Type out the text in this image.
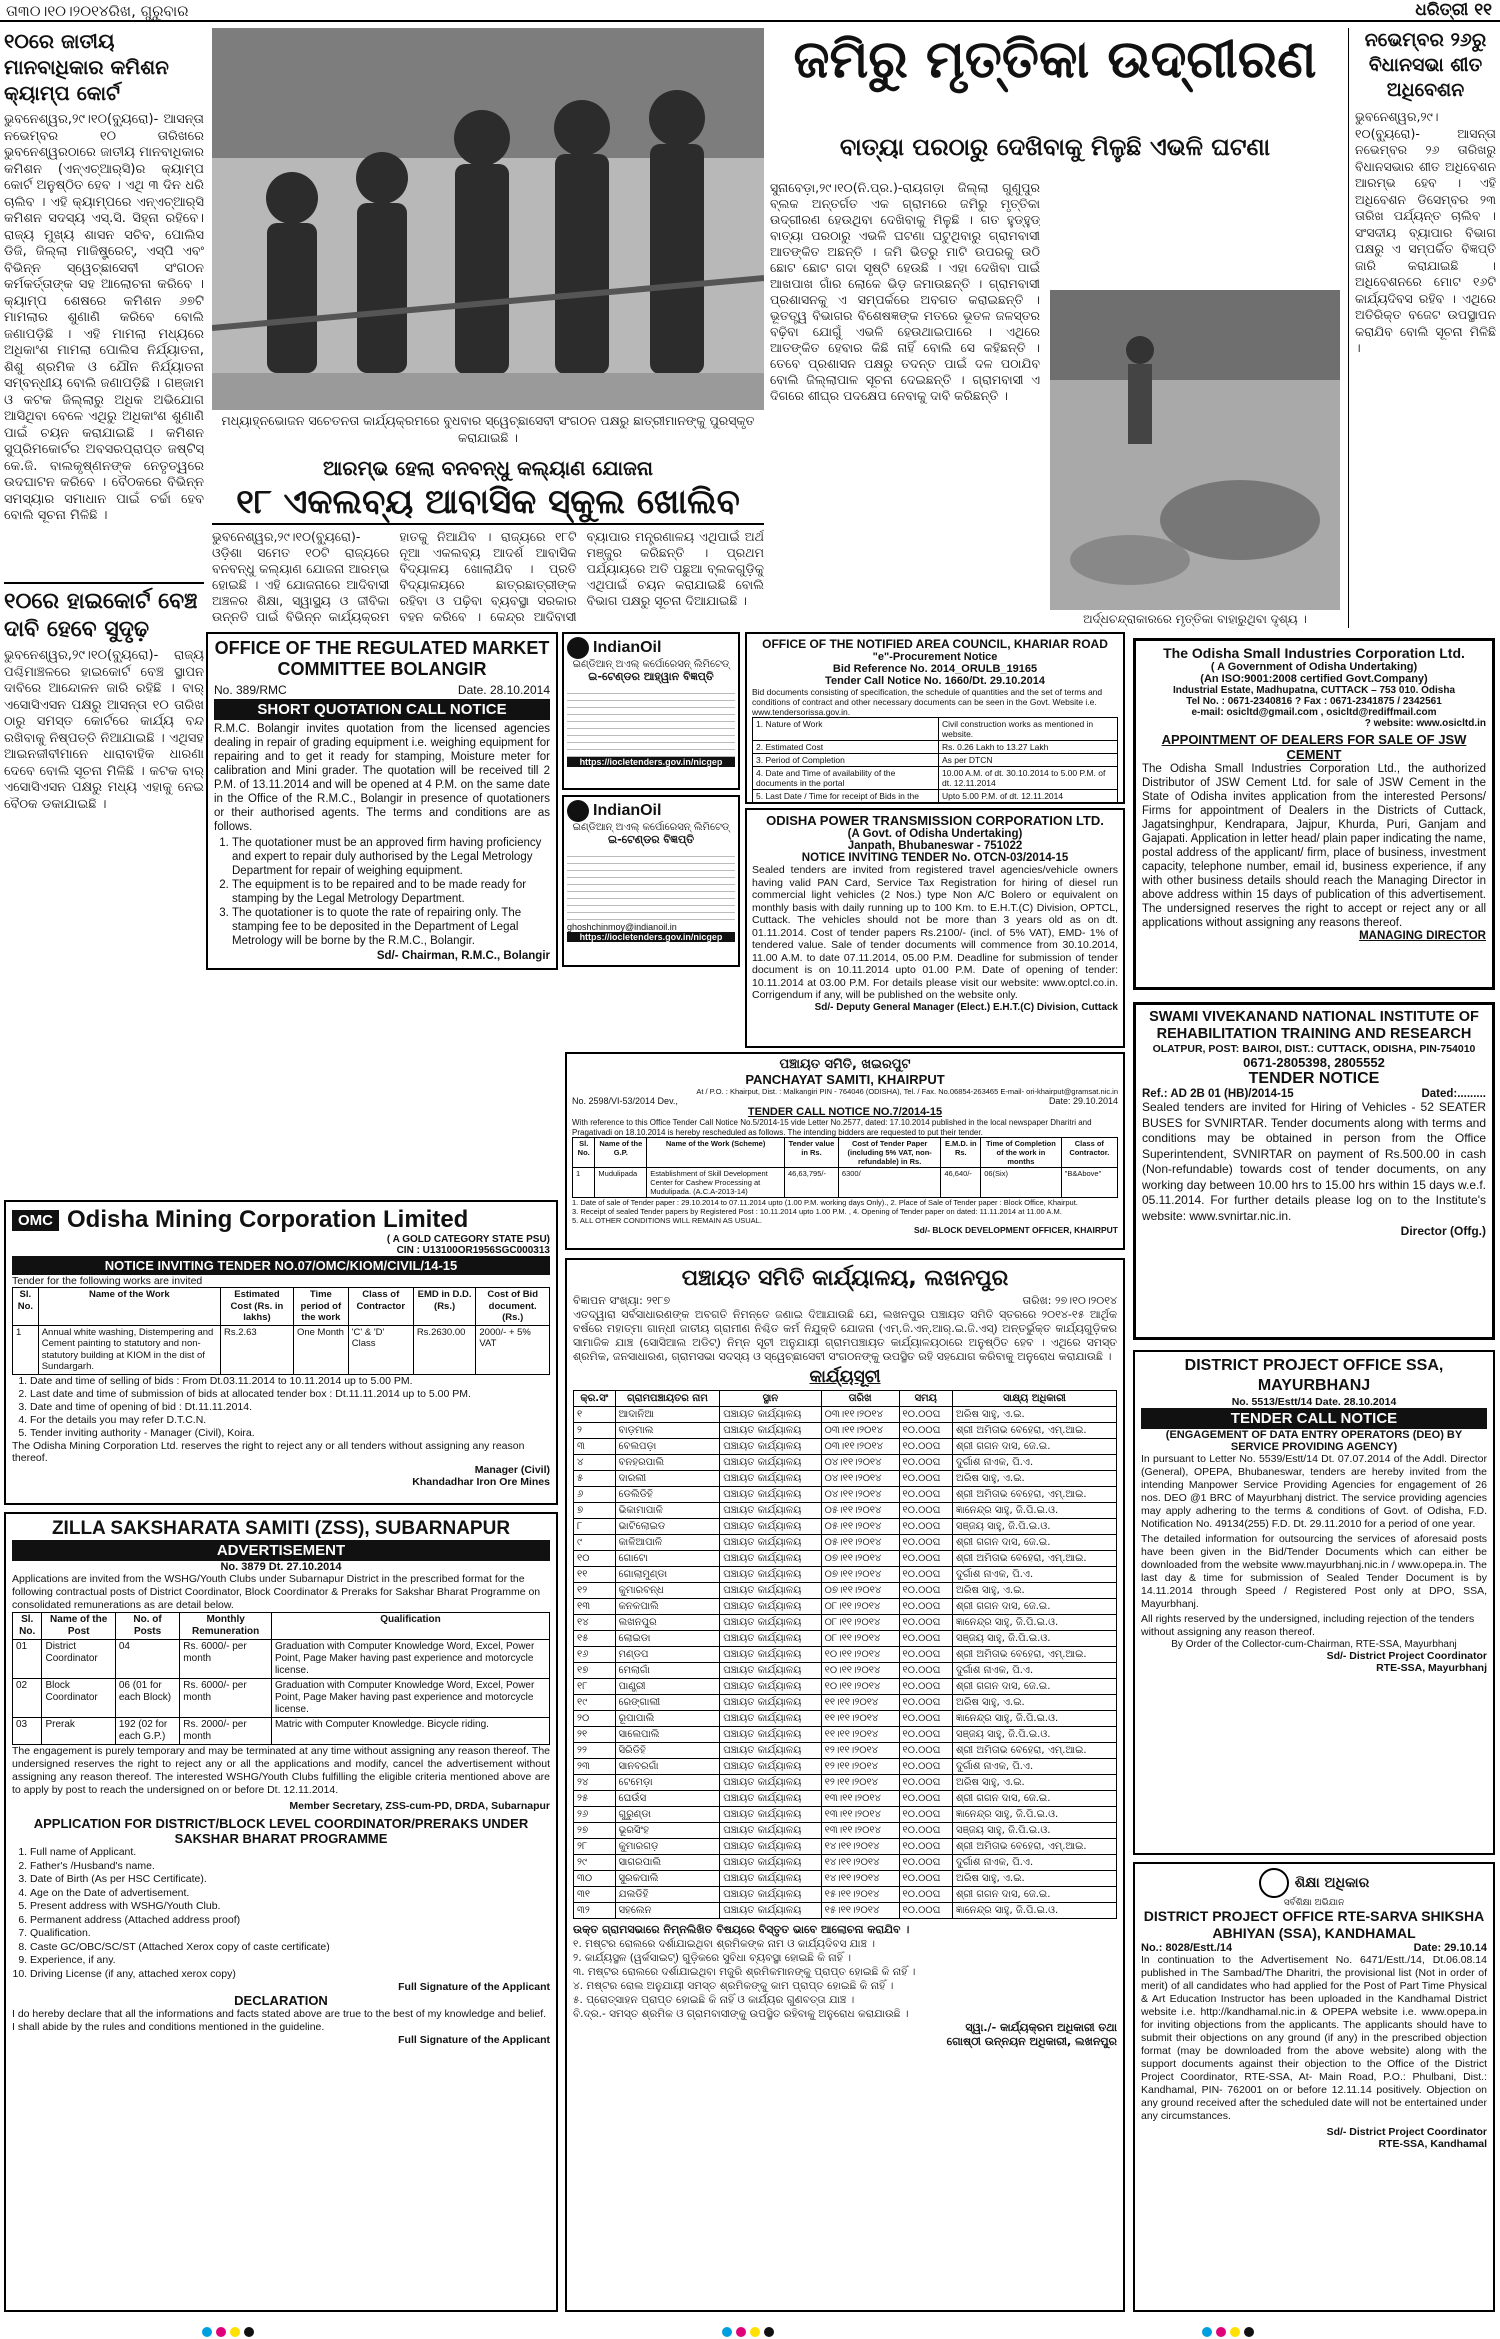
ତା୩୦।୧୦।୨୦୧୪ରିଖ, ଗୁରୁବାର	ଧରିତ୍ରୀ ୧୧
୧୦ରେ ଜାତୀୟ ମାନବାଧିକାର କମିଶନ କ୍ୟାମ୍ପ କୋର୍ଟ
ଭୁବନେଶ୍ୱର,୨୯।୧୦(ବ୍ୟୁରୋ)- ଆସନ୍ତା ନଭେମ୍ବର ୧୦ ତାରିଖରେ ଭୁବନେଶ୍ୱରଠାରେ ଜାତୀୟ ମାନବାଧିକାର କମିଶନ (ଏନ୍‌ଏଚ୍‌ଆର୍‌ସି)ର କ୍ୟାମ୍ପ କୋର୍ଟ ଅନୁଷ୍ଠିତ ହେବ । ଏଥି ୩ ଦିନ ଧରି ଚାଲିବ । ଏହି କ୍ୟାମ୍ପରେ ଏନ୍‌ଏଚ୍‌ଆର୍‌ସି କମିଶନ ସଦସ୍ୟ ଏସ୍‌.ସି. ସିହ୍ନା ରହିବେ। ରାଜ୍ୟ ମୁଖ୍ୟ ଶାସନ ସଚିବ, ପୋଲିସ ଡିଜି, ଜିଲ୍ଲା ମାଜିଷ୍ଟ୍ରେଟ୍, ଏସ୍‌ପି ଏବଂ ବିଭିନ୍ନ ସ୍ୱେଚ୍ଛାସେବୀ ସଂଗଠନ କର୍ମକର୍ତ୍ତାଙ୍କ ସହ ଆଲୋଚନା କରିବେ । କ୍ୟାମ୍ପ ଶେଷରେ କମିଶନ ୬୭ଟି ମାମଲାର ଶୁଣାଣି କରିବେ ବୋଲି ଜଣାପଡ଼ିଛି । ଏହି ମାମଲା ମଧ୍ୟରେ ଅଧିକାଂଶ ମାମଲା ପୋଲିସ ନିର୍ଯ୍ୟାତନା, ଶିଶୁ ଶ୍ରମିକ ଓ ଯୌନ ନିର୍ଯ୍ୟାତନା ସମ୍ବନ୍ଧୀୟ ବୋଲି ଜଣାପଡ଼ିଛି । ଗଞ୍ଜାମ ଓ କଟକ ଜିଲ୍ଲାରୁ ଅଧିକ ଅଭିଯୋଗ ଆସିଥିବା ବେଳେ ଏଥିରୁ ଅଧିକାଂଶ ଶୁଣାଣି ପାଇଁ ଚୟନ କରାଯାଇଛି । କମିଶନ ସୁପ୍ରିମକୋର୍ଟର ଅବସରପ୍ରାପ୍ତ ଜଷ୍ଟିସ୍ କେ.ଜି. ବାଲକୃଷ୍ଣନଙ୍କ ନେତୃତ୍ୱରେ ଉଦଘାଟନ କରିବେ । ବୈଠକରେ ବିଭିନ୍ନ ସମସ୍ୟାର ସମାଧାନ ପାଇଁ ଚର୍ଚ୍ଚା ହେବ ବୋଲି ସୂଚନା ମିଳିଛି ।
୧୦ରେ ହାଇକୋର୍ଟ ବେଞ୍ଚ ଦାବି ହେବେ ସୁଦୃଢ଼
ଭୁବନେଶ୍ୱର,୨୯।୧୦(ବ୍ୟୁରୋ)- ରାଜ୍ୟ ପଶ୍ଚିମାଞ୍ଚଳରେ ହାଇକୋର୍ଟ ବେଞ୍ଚ ସ୍ଥାପନ ଦାବିରେ ଆନ୍ଦୋଳନ ଜାରି ରହିଛି । ବାର୍ ଏସୋସିଏସନ ପକ୍ଷରୁ ଆସନ୍ତା ୧୦ ତାରିଖ ଠାରୁ ସମସ୍ତ କୋର୍ଟରେ କାର୍ଯ୍ୟ ବନ୍ଦ ରଖିବାକୁ ନିଷ୍ପତ୍ତି ନିଆଯାଇଛି । ଏଥିସହ ଆଇନଜୀବୀମାନେ ଧାରାବାହିକ ଧାରଣା ଦେବେ ବୋଲି ସୂଚନା ମିଳିଛି । କଟକ ବାର୍ ଏସୋସିଏସନ ପକ୍ଷରୁ ମଧ୍ୟ ଏହାକୁ ନେଇ ବୈଠକ ଡକାଯାଇଛି ।
ମଧ୍ୟାହ୍ନଭୋଜନ ସଚେତନତା କାର୍ଯ୍ୟକ୍ରମରେ ବୁଧବାର ସ୍ୱେଚ୍ଛାସେବୀ ସଂଗଠନ ପକ୍ଷରୁ ଛାତ୍ରୀମାନଙ୍କୁ ପୁରସ୍କୃତ କରାଯାଇଛି ।
ଆରମ୍ଭ ହେଲା ବନବନ୍ଧୁ କଲ୍ୟାଣ ଯୋଜନା
୧୮ ଏକଲବ୍ୟ ଆବାସିକ ସ୍କୁଲ ଖୋଲିବ
ଭୁବନେଶ୍ୱର,୨୯।୧୦(ବ୍ୟୁରୋ)-ଓଡ଼ିଶା ସମେତ ୧୦ଟି ରାଜ୍ୟରେ ବନବନ୍ଧୁ କଲ୍ୟାଣ ଯୋଜନା ଆରମ୍ଭ ହୋଇଛି । ଏହି ଯୋଜନାରେ ଆଦିବାସୀ ଅଞ୍ଚଳର ଶିକ୍ଷା, ସ୍ୱାସ୍ଥ୍ୟ ଓ ଜୀବିକା ଉନ୍ନତି ପାଇଁ ବିଭିନ୍ନ କାର୍ଯ୍ୟକ୍ରମ ହାତକୁ ନିଆଯିବ । ରାଜ୍ୟରେ ୧୮ଟି ନୂଆ ଏକଲବ୍ୟ ଆଦର୍ଶ ଆବାସିକ ବିଦ୍ୟାଳୟ ଖୋଲାଯିବ । ପ୍ରତି ବିଦ୍ୟାଳୟରେ ଛାତ୍ରଛାତ୍ରୀଙ୍କ ରହିବା ଓ ପଢ଼ିବା ବ୍ୟବସ୍ଥା ସରକାର ବହନ କରିବେ । କେନ୍ଦ୍ର ଆଦିବାସୀ ବ୍ୟାପାର ମନ୍ତ୍ରଣାଳୟ ଏଥିପାଇଁ ଅର୍ଥ ମଞ୍ଜୁର କରିଛନ୍ତି । ପ୍ରଥମ ପର୍ଯ୍ୟାୟରେ ଅତି ପଛୁଆ ବ୍ଲକଗୁଡ଼ିକୁ ଏଥିପାଇଁ ଚୟନ କରାଯାଇଛି ବୋଲି ବିଭାଗ ପକ୍ଷରୁ ସୂଚନା ଦିଆଯାଇଛି ।
ଜମିରୁ ମୃତ୍ତିକା ଉଦ୍‌ଗୀରଣ
ବାତ୍ୟା ପରଠାରୁ ଦେଖିବାକୁ ମିଳୁଛି ଏଭଳି ଘଟଣା
ସୁନାବେଡ଼ା,୨୯।୧୦(ନି.ପ୍ର.)-ରାୟଗଡ଼ା ଜିଲ୍ଲା ଗୁଣୁପୁର ବ୍ଲକ ଅନ୍ତର୍ଗତ ଏକ ଗ୍ରାମରେ ଜମିରୁ ମୃତ୍ତିକା ଉଦ୍‌ଗୀରଣ ହେଉଥିବା ଦେଖିବାକୁ ମିଳୁଛି । ଗତ ହୁଡ୍‌ହୁଡ୍ ବାତ୍ୟା ପରଠାରୁ ଏଭଳି ଘଟଣା ଘଟୁଥିବାରୁ ଗ୍ରାମବାସୀ ଆତଙ୍କିତ ଅଛନ୍ତି । ଜମି ଭିତରୁ ମାଟି ଉପରକୁ ଉଠି ଛୋଟ ଛୋଟ ଗଦା ସୃଷ୍ଟି ହେଉଛି । ଏହା ଦେଖିବା ପାଇଁ ଆଖପାଖ ଗାଁର ଲୋକେ ଭିଡ଼ ଜମାଉଛନ୍ତି । ଗ୍ରାମବାସୀ ପ୍ରଶାସନକୁ ଏ ସମ୍ପର୍କରେ ଅବଗତ କରାଇଛନ୍ତି । ଭୂତତ୍ତ୍ୱ ବିଭାଗର ବିଶେଷଜ୍ଞଙ୍କ ମତରେ ଭୂତଳ ଜଳସ୍ତର ବଢ଼ିବା ଯୋଗୁଁ ଏଭଳି ହେଉଥାଇପାରେ । ଏଥିରେ ଆତଙ୍କିତ ହେବାର କିଛି ନାହିଁ ବୋଲି ସେ କହିଛନ୍ତି । ତେବେ ପ୍ରଶାସନ ପକ୍ଷରୁ ତଦନ୍ତ ପାଇଁ ଦଳ ପଠାଯିବ ବୋଲି ଜିଲ୍ଲାପାଳ ସୂଚନା ଦେଇଛନ୍ତି । ଗ୍ରାମବାସୀ ଏ ଦିଗରେ ଶୀଘ୍ର ପଦକ୍ଷେପ ନେବାକୁ ଦାବି କରିଛନ୍ତି ।
ଅର୍ଦ୍ଧଚନ୍ଦ୍ରାକାରରେ ମୃତ୍ତିକା ବାହାରୁଥିବା ଦୃଶ୍ୟ ।
ନଭେମ୍ବର ୨୬ରୁ ବିଧାନସଭା ଶୀତ ଅଧିବେଶନ
ଭୁବନେଶ୍ୱର,୨୯।୧୦(ବ୍ୟୁରୋ)- ଆସନ୍ତା ନଭେମ୍ବର ୨୬ ତାରିଖରୁ ବିଧାନସଭାର ଶୀତ ଅଧିବେଶନ ଆରମ୍ଭ ହେବ । ଏହି ଅଧିବେଶନ ଡିସେମ୍ବର ୨୩ ତାରିଖ ପର୍ଯ୍ୟନ୍ତ ଚାଲିବ । ସଂସଦୀୟ ବ୍ୟାପାର ବିଭାଗ ପକ୍ଷରୁ ଏ ସମ୍ପର୍କିତ ବିଜ୍ଞପ୍ତି ଜାରି କରାଯାଇଛି । ଅଧିବେଶନରେ ମୋଟ ୧୬ଟି କାର୍ଯ୍ୟଦିବସ ରହିବ । ଏଥିରେ ଅତିରିକ୍ତ ବଜେଟ ଉପସ୍ଥାପନ କରାଯିବ ବୋଲି ସୂଚନା ମିଳିଛି ।
OFFICE OF THE REGULATED MARKET COMMITTEE BOLANGIR
No. 389/RMC	Date. 28.10.2014
SHORT QUOTATION CALL NOTICE
R.M.C. Bolangir invites quotation from the licensed agencies dealing in repair of grading equipment i.e. weighing equipment for repairing and to get it ready for stamping, Moisture meter for calibration and Mini grader. The quotation will be received till 2 P.M. of 13.11.2014 and will be opened at 4 P.M. on the same date in the Office of the R.M.C., Bolangir in presence of quotationers or their authorised agents. The terms and conditions are as follows.
1. The quotationer must be an approved firm having proficiency and expert to repair duly authorised by the Legal Metrology Department for repair of weighing equipment.
2. The equipment is to be repaired and to be made ready for stamping by the Legal Metrology Department.
3. The quotationer is to quote the rate of repairing only. The stamping fee to be deposited in the Department of Legal Metrology will be borne by the R.M.C., Bolangir.
Sd/- Chairman, R.M.C., Bolangir
IndianOil
ଇଣ୍ଡିଆନ୍ ଅଏଲ୍ କର୍ପୋରେସନ୍ ଲିମିଟେଡ୍
ଇ-ଟେଣ୍ଡର ଆହ୍ୱାନ ବିଜ୍ଞପ୍ତି
https://iocletenders.gov.in/nicgep
IndianOil
ଇଣ୍ଡିଆନ୍ ଅଏଲ୍ କର୍ପୋରେସନ୍ ଲିମିଟେଡ୍
ଇ-ଟେଣ୍ଡର ବିଜ୍ଞପ୍ତି
ghoshchinmoy@indianoil.in
https://iocletenders.gov.in/nicgep
OFFICE OF THE NOTIFIED AREA COUNCIL, KHARIAR ROAD
"e"-Procurement Notice
Bid Reference No. 2014_ORULB_19165
Tender Call Notice No. 1660/Dt. 29.10.2014
Bid documents consisting of specification, the schedule of quantities and the set of terms and conditions of contract and other necessary documents can be seen in the Govt. Website i.e. www.tendersorissa.gov.in.
1. Nature of Work	Civil construction works as mentioned in website.
2. Estimated Cost	Rs. 0.26 Lakh to 13.27 Lakh
3. Period of Completion	As per DTCN
4. Date and Time of availability of the documents in the portal	10.00 A.M. of dt. 30.10.2014 to 5.00 P.M. of dt. 12.11.2014
5. Last Date / Time for receipt of Bids in the	Upto 5.00 P.M. of dt. 12.11.2014

ODISHA POWER TRANSMISSION CORPORATION LTD.
(A Govt. of Odisha Undertaking)
Janpath, Bhubaneswar - 751022
NOTICE INVITING TENDER No. OTCN-03/2014-15
Sealed tenders are invited from registered travel agencies/vehicle owners having valid PAN Card, Service Tax Registration for hiring of diesel run commercial light vehicles (2 Nos.) type Non A/C Bolero or equivalent on monthly basis with daily running up to 100 Km. to E.H.T.(C) Division, OPTCL, Cuttack. The vehicles should not be more than 3 years old as on dt. 01.11.2014. Cost of tender papers Rs.2100/- (incl. of 5% VAT), EMD- 1% of tendered value. Sale of tender documents will commence from 30.10.2014, 11.00 A.M. to date 07.11.2014, 05.00 P.M. Deadline for submission of tender document is on 10.11.2014 upto 01.00 P.M. Date of opening of tender: 10.11.2014 at 03.00 P.M. For details please visit our website: www.optcl.co.in. Corrigendum if any, will be published on the website only.
Sd/- Deputy General Manager (Elect.) E.H.T.(C) Division, Cuttack
The Odisha Small Industries Corporation Ltd.
( A Government of Odisha Undertaking)
(An ISO:9001:2008 certified Govt.Company)
Industrial Estate, Madhupatna, CUTTACK – 753 010. Odisha
Tel No. : 0671-2340816 ? Fax : 0671-2341875 / 2342561
e-mail: osicltd@gmail.com , osicltd@rediffmail.com
? website: www.osicltd.in
APPOINTMENT OF DEALERS FOR SALE OF JSW CEMENT
The Odisha Small Industries Corporation Ltd., the authorized Distributor of JSW Cement Ltd. for sale of JSW Cement in the State of Odisha invites application from the interested Persons/ Firms for appointment of Dealers in the Districts of Cuttack, Jagatsinghpur, Kendrapara, Jajpur, Khurda, Puri, Ganjam and Gajapati. Application in letter head/ plain paper indicating the name, postal address of the applicant/ firm, place of business, investment capacity, telephone number, email id, business experience, if any with other business details should reach the Managing Director in above address within 15 days of publication of this advertisement. The undersigned reserves the right to accept or reject any or all applications without assigning any reasons thereof.
MANAGING DIRECTOR
OMC Odisha Mining Corporation Limited
( A GOLD CATEGORY STATE PSU)
CIN : U13100OR1956SGC000313
NOTICE INVITING TENDER NO.07/OMC/KIOM/CIVIL/14-15
Tender for the following works are invited
Sl. No.	Name of the Work	Estimated Cost (Rs. in lakhs)	Time period of the work	Class of Contractor	EMD in D.D. (Rs.)	Cost of Bid document. (Rs.)
1	Annual white washing, Distempering and Cement painting to statutory and non-statutory building at KIOM in the dist of Sundargarh.	Rs.2.63	One Month	'C' & 'D' Class	Rs.2630.00	2000/- + 5% VAT
1. Date and time of selling of bids : From Dt.03.11.2014 to 10.11.2014 up to 5.00 PM.
2. Last date and time of submission of bids at allocated tender box : Dt.11.11.2014 up to 5.00 PM.
3. Date and time of opening of bid : Dt.11.11.2014.
4. For the details you may refer D.T.C.N.
5. Tender inviting authority - Manager (Civil), Koira.
The Odisha Mining Corporation Ltd. reserves the right to reject any or all tenders without assigning any reason thereof.
Manager (Civil)
Khandadhar Iron Ore Mines
ZILLA SAKSHARATA SAMITI (ZSS), SUBARNAPUR
ADVERTISEMENT
No. 3879 Dt. 27.10.2014
Applications are invited from the WSHG/Youth Clubs under Subarnapur District in the prescribed format for the following contractual posts of District Coordinator, Block Coordinator & Preraks for Sakshar Bharat Programme on consolidated remunerations as are detail below.
Sl. No.	Name of the Post	No. of Posts	Monthly Remuneration	Qualification
01	District Coordinator	04	Rs. 6000/- per month	Graduation with Computer Knowledge Word, Excel, Power Point, Page Maker having past experience and motorcycle license.
02	Block Coordinator	06 (01 for each Block)	Rs. 6000/- per month	Graduation with Computer Knowledge Word, Excel, Power Point, Page Maker having past experience and motorcycle license.
03	Prerak	192 (02 for each G.P.)	Rs. 2000/- per month	Matric with Computer Knowledge. Bicycle riding.
The engagement is purely temporary and may be terminated at any time without assigning any reason thereof. The undersigned reserves the right to reject any or all the applications and modify, cancel the advertisement without assigning any reason thereof. The interested WSHG/Youth Clubs fulfilling the eligible criteria mentioned above are to apply by post to reach the undersigned on or before Dt. 12.11.2014.
Member Secretary, ZSS-cum-PD, DRDA, Subarnapur
APPLICATION FOR DISTRICT/BLOCK LEVEL COORDINATOR/PRERAKS UNDER SAKSHAR BHARAT PROGRAMME
1. Full name of Applicant.
2. Father's /Husband's name.
3. Date of Birth (As per HSC Certificate).
4. Age on the Date of advertisement.
5. Present address with WSHG/Youth Club.
6. Permanent address (Attached address proof)
7. Qualification.
8. Caste GC/OBC/SC/ST (Attached Xerox copy of caste certificate)
9. Experience, if any.
10. Driving License (if any, attached xerox copy)
Full Signature of the Applicant
DECLARATION
I do hereby declare that all the informations and facts stated above are true to the best of my knowledge and belief. I shall abide by the rules and conditions mentioned in the guideline.
Full Signature of the Applicant
ପଞ୍ଚାୟତ ସମିତି, ଖଇରପୁଟ
PANCHAYAT SAMITI, KHAIRPUT
At / P.O. : Khairput, Dist. : Malkangiri PIN - 764046 (ODISHA), Tel. / Fax. No.06854-263465 E-mail- ori-khairput@gramsat.nic.in
No. 2598/VI-53/2014 Dev.,	Date: 29.10.2014
TENDER CALL NOTICE NO.7/2014-15
With reference to this Office Tender Call Notice No.5/2014-15 vide Letter No.2577, dated: 17.10.2014 published in the local newspaper Dharitri and Pragativadi on 18.10.2014 is hereby rescheduled as follows. The intending bidders are requested to put their tender.
Sl. No.	Name of the G.P.	Name of the Work (Scheme)	Tender value in Rs.	Cost of Tender Paper (including 5% VAT, non-refundable) in Rs.	E.M.D. in Rs.	Time of Completion of the work in months	Class of Contractor.
1	Mudulipada	Establishment of Skill Development Center for Cashew Processing at Mudulipada. (A.C.A-2013-14)	46,63,795/-	6300/	46,640/-	06(Six)	"B&Above"
1. Date of sale of Tender paper : 29.10.2014 to 07.11.2014 upto (1.00 P.M. working days Only)., 2. Place of Sale of Tender paper : Block Office, Khairput.
3. Receipt of sealed Tender papers by Registered Post : 10.11.2014 upto 1.00 P.M. , 4. Opening of Tender paper on dated: 11.11.2014 at 11.00 A.M.
5. ALL OTHER CONDITIONS WILL REMAIN AS USUAL.
Sd/- BLOCK DEVELOPMENT OFFICER, KHAIRPUT
ପଞ୍ଚାୟତ ସମିତି କାର୍ଯ୍ୟାଳୟ, ଲଖନପୁର
ବିଜ୍ଞାପନ ସଂଖ୍ୟା: ୨୧୮୭	ତାରିଖ: ୨୭।୧୦।୨୦୧୪
ଏତଦ୍ୱାରା ସର୍ବସାଧାରଣଙ୍କ ଅବଗତି ନିମନ୍ତେ ଜଣାଇ ଦିଆଯାଉଛି ଯେ, ଲଖନପୁର ପଞ୍ଚାୟତ ସମିତି ସ୍ତରରେ ୨୦୧୪-୧୫ ଆର୍ଥିକ ବର୍ଷରେ ମହାତ୍ମା ଗାନ୍ଧୀ ଜାତୀୟ ଗ୍ରାମୀଣ ନିଶ୍ଚିତ କର୍ମ ନିଯୁକ୍ତି ଯୋଜନା (ଏମ୍‌.ଜି.ଏନ୍‌.ଆର୍‌.ଇ.ଜି.ଏସ୍) ଅନ୍ତର୍ଭୁକ୍ତ କାର୍ଯ୍ୟଗୁଡ଼ିକର ସାମାଜିକ ଯାଞ୍ଚ (ସୋସିଆଲ ଅଡିଟ୍) ନିମ୍ନ ସୂଚୀ ଅନୁଯାୟୀ ଗ୍ରାମପଞ୍ଚାୟତ କାର୍ଯ୍ୟାଳୟଠାରେ ଅନୁଷ୍ଠିତ ହେବ । ଏଥିରେ ସମସ୍ତ ଶ୍ରମିକ, ଜନସାଧାରଣ, ଗ୍ରାମସଭା ସଦସ୍ୟ ଓ ସ୍ୱେଚ୍ଛାସେବୀ ସଂଗଠନଙ୍କୁ ଉପସ୍ଥିତ ରହି ସହଯୋଗ କରିବାକୁ ଅନୁରୋଧ କରାଯାଉଛି ।
କାର୍ଯ୍ୟସୂଚୀ
କ୍ର.ସଂ	ଗ୍ରାମପଞ୍ଚାୟତର ନାମ	ସ୍ଥାନ	ତାରିଖ	ସମୟ	ସାକ୍ଷ୍ୟ ଅଧିକାରୀ
୧	ଆଦାନିଆ	ପଞ୍ଚାୟତ କାର୍ଯ୍ୟାଳୟ	୦୩।୧୧।୨୦୧୪	୧୦.୦୦ଘ	ଅରିଷ ସାହୁ, ଏ.ଇ.
୨	ବାଡ଼ମାଲ	ପଞ୍ଚାୟତ କାର୍ଯ୍ୟାଳୟ	୦୩।୧୧।୨୦୧୪	୧୦.୦୦ଘ	ଶ୍ରୀ ଅମିତାଭ ବେହେରା, ଏମ୍‌.ଆଇ.
୩	ବେଲପଡ଼ା	ପଞ୍ଚାୟତ କାର୍ଯ୍ୟାଳୟ	୦୩।୧୧।୨୦୧୪	୧୦.୦୦ଘ	ଶ୍ରୀ ଗଗନ ଦାସ, ଜେ.ଇ.
୪	ବନହରପାଲି	ପଞ୍ଚାୟତ କାର୍ଯ୍ୟାଳୟ	୦୪।୧୧।୨୦୧୪	୧୦.୦୦ଘ	ଦୁର୍ଗାଶ ନାଏକ, ପି.ଏ.
୫	ଦାରଲୀ	ପଞ୍ଚାୟତ କାର୍ଯ୍ୟାଳୟ	୦୪।୧୧।୨୦୧୪	୧୦.୦୦ଘ	ଅରିଷ ସାହୁ, ଏ.ଇ.
୬	ଡେଲିଡିହି	ପଞ୍ଚାୟତ କାର୍ଯ୍ୟାଳୟ	୦୪।୧୧।୨୦୧୪	୧୦.୦୦ଘ	ଶ୍ରୀ ଅମିତାଭ ବେହେରା, ଏମ୍‌.ଆଇ.
୭	ଭିକାମାପାଳି	ପଞ୍ଚାୟତ କାର୍ଯ୍ୟାଳୟ	୦୫।୧୧।୨୦୧୪	୧୦.୦୦ଘ	ଜ୍ଞାନେନ୍ଦ୍ର ସାହୁ, ଜି.ପି.ଇ.ଓ.
୮	ଭାଟିଲୋଇଡ	ପଞ୍ଚାୟତ କାର୍ଯ୍ୟାଳୟ	୦୫।୧୧।୨୦୧୪	୧୦.୦୦ଘ	ସଞ୍ଜୟ ସାହୁ, ଜି.ପି.ଇ.ଓ.
୯	କାଳିଆପାଳି	ପଞ୍ଚାୟତ କାର୍ଯ୍ୟାଳୟ	୦୫।୧୧।୨୦୧୪	୧୦.୦୦ଘ	ଶ୍ରୀ ଗଗନ ଦାସ, ଜେ.ଇ.
୧୦	ଗୋଟୋ	ପଞ୍ଚାୟତ କାର୍ଯ୍ୟାଳୟ	୦୭।୧୧।୨୦୧୪	୧୦.୦୦ଘ	ଶ୍ରୀ ଅମିତାଭ ବେହେରା, ଏମ୍‌.ଆଇ.
୧୧	ଗୋଲାମୁଣ୍ଡା	ପଞ୍ଚାୟତ କାର୍ଯ୍ୟାଳୟ	୦୭।୧୧।୨୦୧୪	୧୦.୦୦ଘ	ଦୁର୍ଗାଶ ନାଏକ, ପି.ଏ.
୧୨	କୁମାରବନ୍ଧ	ପଞ୍ଚାୟତ କାର୍ଯ୍ୟାଳୟ	୦୭।୧୧।୨୦୧୪	୧୦.୦୦ଘ	ଅରିଷ ସାହୁ, ଏ.ଇ.
୧୩	କନକପାଲି	ପଞ୍ଚାୟତ କାର୍ଯ୍ୟାଳୟ	୦୮।୧୧।୨୦୧୪	୧୦.୦୦ଘ	ଶ୍ରୀ ଗଗନ ଦାସ, ଜେ.ଇ.
୧୪	ଲଖନପୁର	ପଞ୍ଚାୟତ କାର୍ଯ୍ୟାଳୟ	୦୮।୧୧।୨୦୧୪	୧୦.୦୦ଘ	ଜ୍ଞାନେନ୍ଦ୍ର ସାହୁ, ଜି.ପି.ଇ.ଓ.
୧୫	ଲୋଇଡା	ପଞ୍ଚାୟତ କାର୍ଯ୍ୟାଳୟ	୦୮।୧୧।୨୦୧୪	୧୦.୦୦ଘ	ସଞ୍ଜୟ ସାହୁ, ଜି.ପି.ଇ.ଓ.
୧୬	ମଣ୍ଡପ	ପଞ୍ଚାୟତ କାର୍ଯ୍ୟାଳୟ	୧୦।୧୧।୨୦୧୪	୧୦.୦୦ଘ	ଶ୍ରୀ ଅମିତାଭ ବେହେରା, ଏମ୍‌.ଆଇ.
୧୭	ମେଲାଗାଁ	ପଞ୍ଚାୟତ କାର୍ଯ୍ୟାଳୟ	୧୦।୧୧।୨୦୧୪	୧୦.୦୦ଘ	ଦୁର୍ଗାଶ ନାଏକ, ପି.ଏ.
୧୮	ପାଣ୍ଡ୍ରୀ	ପଞ୍ଚାୟତ କାର୍ଯ୍ୟାଳୟ	୧୦।୧୧।୨୦୧୪	୧୦.୦୦ଘ	ଶ୍ରୀ ଗଗନ ଦାସ, ଜେ.ଇ.
୧୯	ରେଙ୍ଗାଲୀ	ପଞ୍ଚାୟତ କାର୍ଯ୍ୟାଳୟ	୧୧।୧୧।୨୦୧୪	୧୦.୦୦ଘ	ଅରିଷ ସାହୁ, ଏ.ଇ.
୨୦	ରୂପାପାଲି	ପଞ୍ଚାୟତ କାର୍ଯ୍ୟାଳୟ	୧୧।୧୧।୨୦୧୪	୧୦.୦୦ଘ	ଜ୍ଞାନେନ୍ଦ୍ର ସାହୁ, ଜି.ପି.ଇ.ଓ.
୨୧	ସାଲେପାଲି	ପଞ୍ଚାୟତ କାର୍ଯ୍ୟାଳୟ	୧୧।୧୧।୨୦୧୪	୧୦.୦୦ଘ	ସଞ୍ଜୟ ସାହୁ, ଜି.ପି.ଇ.ଓ.
୨୨	ସିରିଡିହି	ପଞ୍ଚାୟତ କାର୍ଯ୍ୟାଳୟ	୧୨।୧୧।୨୦୧୪	୧୦.୦୦ଘ	ଶ୍ରୀ ଅମିତାଭ ବେହେରା, ଏମ୍‌.ଆଇ.
୨୩	ସାନବରଗାଁ	ପଞ୍ଚାୟତ କାର୍ଯ୍ୟାଳୟ	୧୨।୧୧।୨୦୧୪	୧୦.୦୦ଘ	ଦୁର୍ଗାଶ ନାଏକ, ପି.ଏ.
୨୪	ଟେମେଡ଼ା	ପଞ୍ଚାୟତ କାର୍ଯ୍ୟାଳୟ	୧୨।୧୧।୨୦୧୪	୧୦.୦୦ଘ	ଅରିଷ ସାହୁ, ଏ.ଇ.
୨୫	ଘେଉଁସ	ପଞ୍ଚାୟତ କାର୍ଯ୍ୟାଳୟ	୧୩।୧୧।୨୦୧୪	୧୦.୦୦ଘ	ଶ୍ରୀ ଗଗନ ଦାସ, ଜେ.ଇ.
୨୬	ଗୁରୁଣ୍ଡା	ପଞ୍ଚାୟତ କାର୍ଯ୍ୟାଳୟ	୧୩।୧୧।୨୦୧୪	୧୦.୦୦ଘ	ଜ୍ଞାନେନ୍ଦ୍ର ସାହୁ, ଜି.ପି.ଇ.ଓ.
୨୭	ଭୂରସିଂହ	ପଞ୍ଚାୟତ କାର୍ଯ୍ୟାଳୟ	୧୩।୧୧।୨୦୧୪	୧୦.୦୦ଘ	ସଞ୍ଜୟ ସାହୁ, ଜି.ପି.ଇ.ଓ.
୨୮	କୁମାରଗଡ଼	ପଞ୍ଚାୟତ କାର୍ଯ୍ୟାଳୟ	୧୪।୧୧।୨୦୧୪	୧୦.୦୦ଘ	ଶ୍ରୀ ଅମିତାଭ ବେହେରା, ଏମ୍‌.ଆଇ.
୨୯	ସାଗରପାଲି	ପଞ୍ଚାୟତ କାର୍ଯ୍ୟାଳୟ	୧୪।୧୧।୨୦୧୪	୧୦.୦୦ଘ	ଦୁର୍ଗାଶ ନାଏକ, ପି.ଏ.
୩୦	ସୁରକପାଲି	ପଞ୍ଚାୟତ କାର୍ଯ୍ୟାଳୟ	୧୪।୧୧।୨୦୧୪	୧୦.୦୦ଘ	ଅରିଷ ସାହୁ, ଏ.ଇ.
୩୧	ଯଲଡିହି	ପଞ୍ଚାୟତ କାର୍ଯ୍ୟାଳୟ	୧୫।୧୧।୨୦୧୪	୧୦.୦୦ଘ	ଶ୍ରୀ ଗଗନ ଦାସ, ଜେ.ଇ.
୩୨	ସହଲେନ	ପଞ୍ଚାୟତ କାର୍ଯ୍ୟାଳୟ	୧୫।୧୧।୨୦୧୪	୧୦.୦୦ଘ	ଜ୍ଞାନେନ୍ଦ୍ର ସାହୁ, ଜି.ପି.ଇ.ଓ.
ଉକ୍ତ ଗ୍ରାମସଭାରେ ନିମ୍ନଲିଖିତ ବିଷୟରେ ବିସ୍ତୃତ ଭାବେ ଆଲୋଚନା କରାଯିବ ।
୧. ମଷ୍ଟର ରୋଲରେ ଦର୍ଶାଯାଇଥିବା ଶ୍ରମିକଙ୍କ ନାମ ଓ କାର୍ଯ୍ୟଦିବସ ଯାଞ୍ଚ ।
୨. କାର୍ଯ୍ୟସ୍ଥଳ (ୱର୍କସାଇଟ୍) ଗୁଡ଼ିକରେ ସୁବିଧା ବ୍ୟବସ୍ଥା ହୋଇଛି କି ନାହିଁ ।
୩. ମଷ୍ଟର ରୋଲରେ ଦର୍ଶାଯାଇଥିବା ମଜୁରି ଶ୍ରମିକମାନଙ୍କୁ ପ୍ରାପ୍ତ ହୋଇଛି କି ନାହିଁ ।
୪. ମଷ୍ଟର ରୋଲ ଅନୁଯାୟୀ ସମସ୍ତ ଶ୍ରମିକଙ୍କୁ କାମ ପ୍ରାପ୍ତ ହୋଇଛି କି ନାହିଁ ।
୫. ପ୍ରୋତ୍ସାହନ ପ୍ରାପ୍ତ ହୋଇଛି କି ନାହିଁ ଓ କାର୍ଯ୍ୟର ଗୁଣବତ୍ତା ଯାଞ୍ଚ ।
ବି.ଦ୍ର.- ସମସ୍ତ ଶ୍ରମିକ ଓ ଗ୍ରାମବାସୀଙ୍କୁ ଉପସ୍ଥିତ ରହିବାକୁ ଅନୁରୋଧ କରାଯାଉଛି ।
ସ୍ୱା./- କାର୍ଯ୍ୟକ୍ରମ ଅଧିକାରୀ ତଥା
ଗୋଷ୍ଠୀ ଉନ୍ନୟନ ଅଧିକାରୀ, ଲଖନପୁର
SWAMI VIVEKANAND NATIONAL INSTITUTE OF REHABILITATION TRAINING AND RESEARCH
OLATPUR, POST: BAIROI, DIST.: CUTTACK, ODISHA, PIN-754010
0671-2805398, 2805552
TENDER NOTICE
Ref.: AD 2B 01 (HB)/2014-15	Dated:.........
Sealed tenders are invited for Hiring of Vehicles - 52 SEATER BUSES for SVNIRTAR. Tender documents along with terms and conditions may be obtained in person from the Office Superintendent, SVNIRTAR on payment of Rs.500.00 in cash (Non-refundable) towards cost of tender documents, on any working day between 10.00 hrs to 15.00 hrs within 15 days w.e.f. 05.11.2014. For further details please log on to the Institute's website: www.svnirtar.nic.in.
Director (Offg.)
DISTRICT PROJECT OFFICE SSA, MAYURBHANJ
No. 5513/Estt/14 Date. 28.10.2014
TENDER CALL NOTICE
(ENGAGEMENT OF DATA ENTRY OPERATORS (DEO) BY SERVICE PROVIDING AGENCY)
In pursuant to Letter No. 5539/Estt/14 Dt. 07.07.2014 of the Addl. Director (General), OPEPA, Bhubaneswar, tenders are hereby invited from the intending Manpower Service Providing Agencies for engagement of 26 nos. DEO @1 BRC of Mayurbhanj district. The service providing agencies may apply adhering to the terms & conditions of Govt. of Odisha, F.D. Notification No. 49134(255) F.D. Dt. 29.11.2010 for a period of one year.
The detailed information for outsourcing the services of aforesaid posts have been given in the Bid/Tender Documents which can either be downloaded from the website www.mayurbhanj.nic.in / www.opepa.in. The last day & time for submission of Sealed Tender Document is by 14.11.2014 through Speed / Registered Post only at DPO, SSA, Mayurbhanj.
All rights reserved by the undersigned, including rejection of the tenders without assigning any reason thereof.
By Order of the Collector-cum-Chairman, RTE-SSA, Mayurbhanj
Sd/- District Project Coordinator
RTE-SSA, Mayurbhanj
ଶିକ୍ଷା ଅଧିକାର
ସର୍ବଶିକ୍ଷା ଅଭିଯାନ
DISTRICT PROJECT OFFICE RTE-SARVA SHIKSHA ABHIYAN (SSA), KANDHAMAL
No.: 8028/Estt./14	Date: 29.10.14
In continuation to the Advertisement No. 6471/Estt./14, Dt.06.08.14 published in The Sambad/The Dharitri, the provisional list (Not in order of merit) of all candidates who had applied for the Post of Part Time Physical & Art Education Instructor has been uploaded in the Kandhamal District website i.e. http://kandhamal.nic.in & OPEPA website i.e. www.opepa.in for inviting objections from the applicants. The applicants should have to submit their objections on any ground (if any) in the prescribed objection format (may be downloaded from the above website) along with the support documents against their objection to the Office of the District Project Coordinator, RTE-SSA, At- Main Road, P.O.: Phulbani, Dist.: Kandhamal, PIN- 762001 on or before 12.11.14 positively. Objection on any ground received after the scheduled date will not be entertained under any circumstances.
Sd/- District Project Coordinator
RTE-SSA, Kandhamal
